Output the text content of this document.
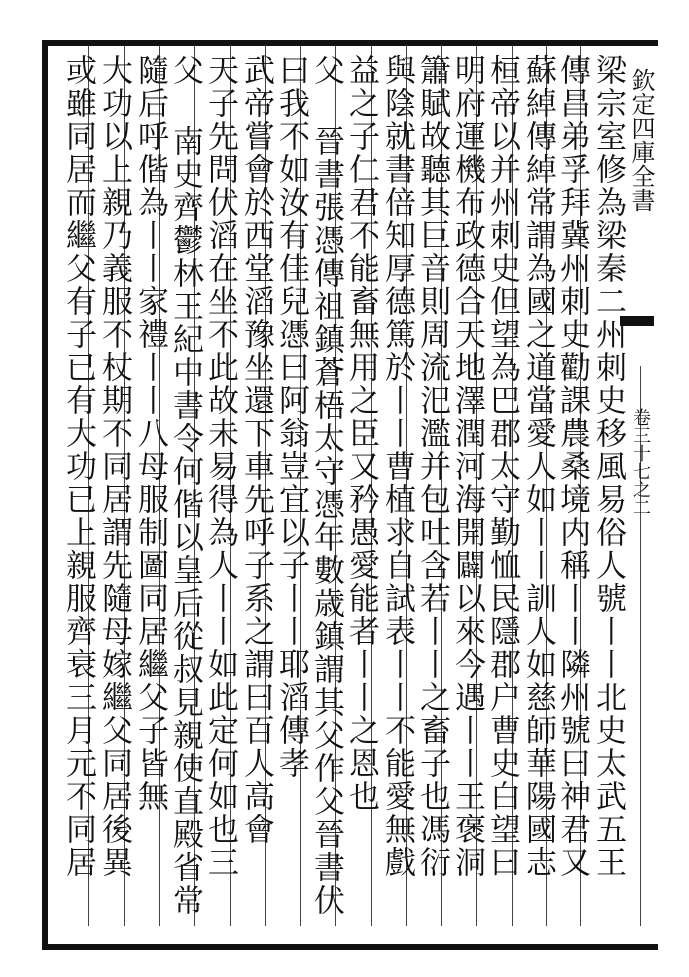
欽定四庫全書
卷三十七之二
梁宗室修為梁秦二州刺史移風易俗人號丨丨北史太武五王
傳昌弟孚拜冀州刺史勸課農桑境内稱丨丨隣州號曰神君又
蘇綽傳綽常謂為國之道當愛人如丨丨訓人如慈師華陽國志
桓帝以并州刺史但望為巴郡太守勤恤民隱郡户曹史白望曰
明府運機布政德合天地澤潤河海開闢以來今遇丨丨王褒洞
簫賦故聽其巨音則周流汜濫并包吐含若丨丨之畜子也馮衍
與陰就書倍知厚德篤於丨丨曹植求自試表丨丨不能愛無戲
益之子仁君不能畜無用之臣又矜愚愛能者丨丨之恩也
父 晉書張憑傳祖鎮蒼梧太守憑年數歳鎮謂其父作父晉書伏
曰我不如汝有佳兒憑曰阿翁豈宜以子丨丨耶滔傳孝
武帝嘗會於西堂滔豫坐還下車先呼子系之謂曰百人高會
天子先問伏滔在坐不此故未易得為人丨丨如此定何如也三
父 南史齊鬱林王紀中書令何偕以皇后從叔見親使直殿省常
隨后呼偕為丨丨家禮丨丨八母服制圖同居繼父子皆無
大功以上親乃義服不杖期不同居謂先隨母嫁繼父同居後異
或雖同居而繼父有子已有大功已上親服齊衰三月元不同居
